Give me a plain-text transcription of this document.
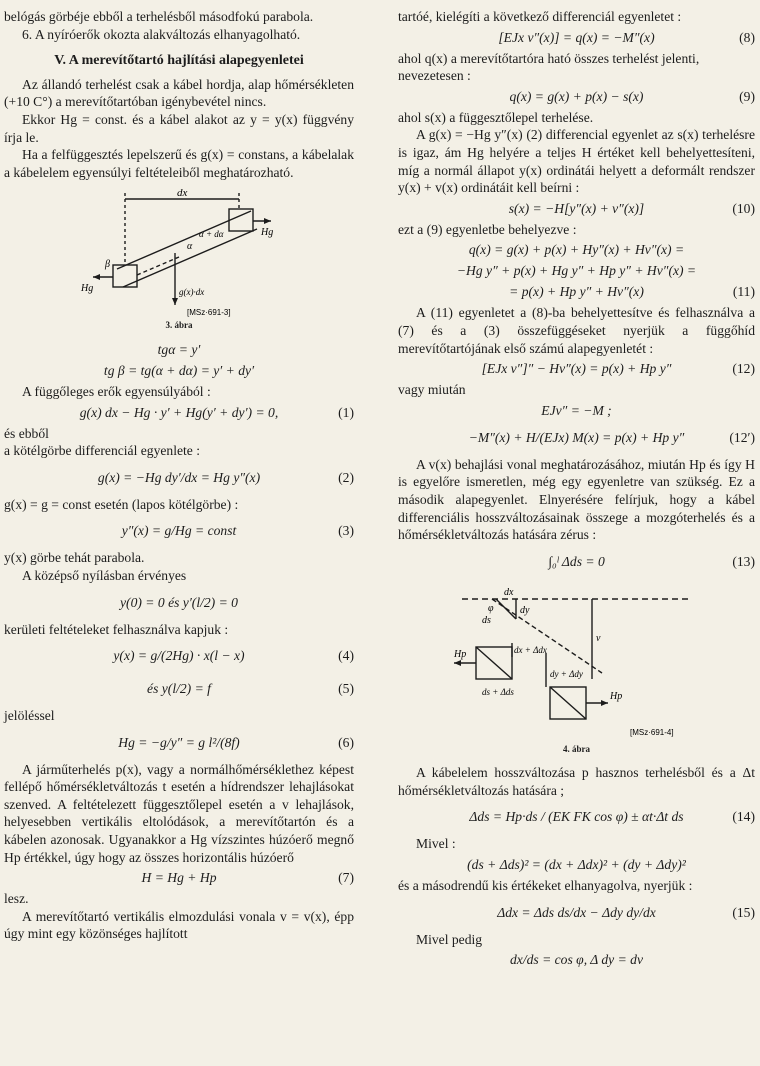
belógás görbéje ebből a terhelésből másodfokú parabola.

6. A nyíróerők okozta alakváltozás elhanyagolható.

V. A merevítőtartó hajlítási alapegyenletei

Az állandó terhelést csak a kábel hordja, alap hőmérsékleten (+10 C°) a merevítőtartóban igénybevétel nincs.

Ekkor Hg = const. és a kábel alakot az y = y(x) függvény írja le.

Ha a felfüggesztés lepelszerű és g(x) = constans, a kábelalak a kábelelem egyensúlyi feltételeiből meghatározható.

dx
β
α
α + dα
Hg
Hg
g(x)·dx
[MSz·691-3]
3. ábra
tgα = y′
tg β = tg(α + dα) = y′ + dy′

A függőleges erők egyensúlyából :

g(x) dx − Hg · y′ + Hg(y′ + dy′) = 0,	(1)

és ebből

a kötélgörbe differenciál egyenlete :

g(x) = −Hg dy′/dx = Hg y″(x)	(2)

g(x) = g = const esetén (lapos kötélgörbe) :

y″(x) = g/Hg = const	(3)

y(x) görbe tehát parabola.

A középső nyílásban érvényes

y(0) = 0 és y′(l/2) = 0

kerületi feltételeket felhasználva kapjuk :

y(x) = g/(2Hg) · x(l − x)	(4)
és y(l/2) = f	(5)

jelöléssel

Hg = −g/y″ = g l²/(8f)	(6)

A járműterhelés p(x), vagy a normálhőmérséklethez képest fellépő hőmérsékletváltozás t esetén a hídrendszer lehajlásokat szenved. A feltételezett függesztőlepel esetén a v lehajlások, helyesebben vertikális eltolódások, a merevítőtartón és a kábelen azonosak. Ugyanakkor a Hg vízszintes húzóerő megnő Hp értékkel, úgy hogy az összes horizontális húzóerő

H = Hg + Hp	(7)

lesz.

A merevítőtartó vertikális elmozdulási vonala v = v(x), épp úgy mint egy közönséges hajlított

tartóé, kielégíti a következő differenciál egyenletet :

[EJx v″(x)] = q(x) = −M″(x)	(8)

ahol q(x) a merevítőtartóra ható összes terhelést jelenti, nevezetesen :

q(x) = g(x) + p(x) − s(x)	(9)

ahol s(x) a függesztőlepel terhelése.

A g(x) = −Hg y″(x) (2) differencial egyenlet az s(x) terhelésre is igaz, ám Hg helyére a teljes H értéket kell behelyettesíteni, míg a normál állapot y(x) ordinátái helyett a deformált rendszer y(x) + v(x) ordinátáit kell beírni :

s(x) = −H[y″(x) + v″(x)]	(10)

ezt a (9) egyenletbe behelyezve :

q(x) = g(x) + p(x) + Hy″(x) + Hv″(x) =
−Hg y″ + p(x) + Hg y″ + Hp y″ + Hv″(x) =
= p(x) + Hp y″ + Hv″(x)	(11)

A (11) egyenletet a (8)-ba behelyettesítve és felhasználva a (7) és a (3) összefüggéseket nyerjük a függőhíd merevítőtartójának első számú alapegyenletét :

[EJx v″]″ − Hv″(x) = p(x) + Hp y″	(12)

vagy miután

EJv″ = −M ;
−M″(x) + H/(EJx) M(x) = p(x) + Hp y″	(12′)

A v(x) behajlási vonal meghatározásához, miután Hp és így H is egyelőre ismeretlen, még egy egyenletre van szükség. Ez a második alapegyenlet. Elnyerésére felírjuk, hogy a kábel differenciális hosszváltozásainak összege a mozgóterhelés és a hőmérsékletváltozás hatására zérus :

∫₀ˡ Δds = 0	(13)
dx
φ
ds
dy
v
dx + Δdx
dy + Δdy
ds + Δds
Hp
Hp
[MSz·691-4]
4. ábra

A kábelelem hosszváltozása p hasznos terhelésből és a Δt hőmérsékletváltozás hatására ;

Δds = Hp·ds / (EK FK cos φ) ± αt·Δt ds	(14)

Mivel :

(ds + Δds)² = (dx + Δdx)² + (dy + Δdy)²

és a másodrendű kis értékeket elhanyagolva, nyerjük :

Δdx = Δds ds/dx − Δdy dy/dx	(15)

Mivel pedig

dx/ds = cos φ, Δ dy = dv
